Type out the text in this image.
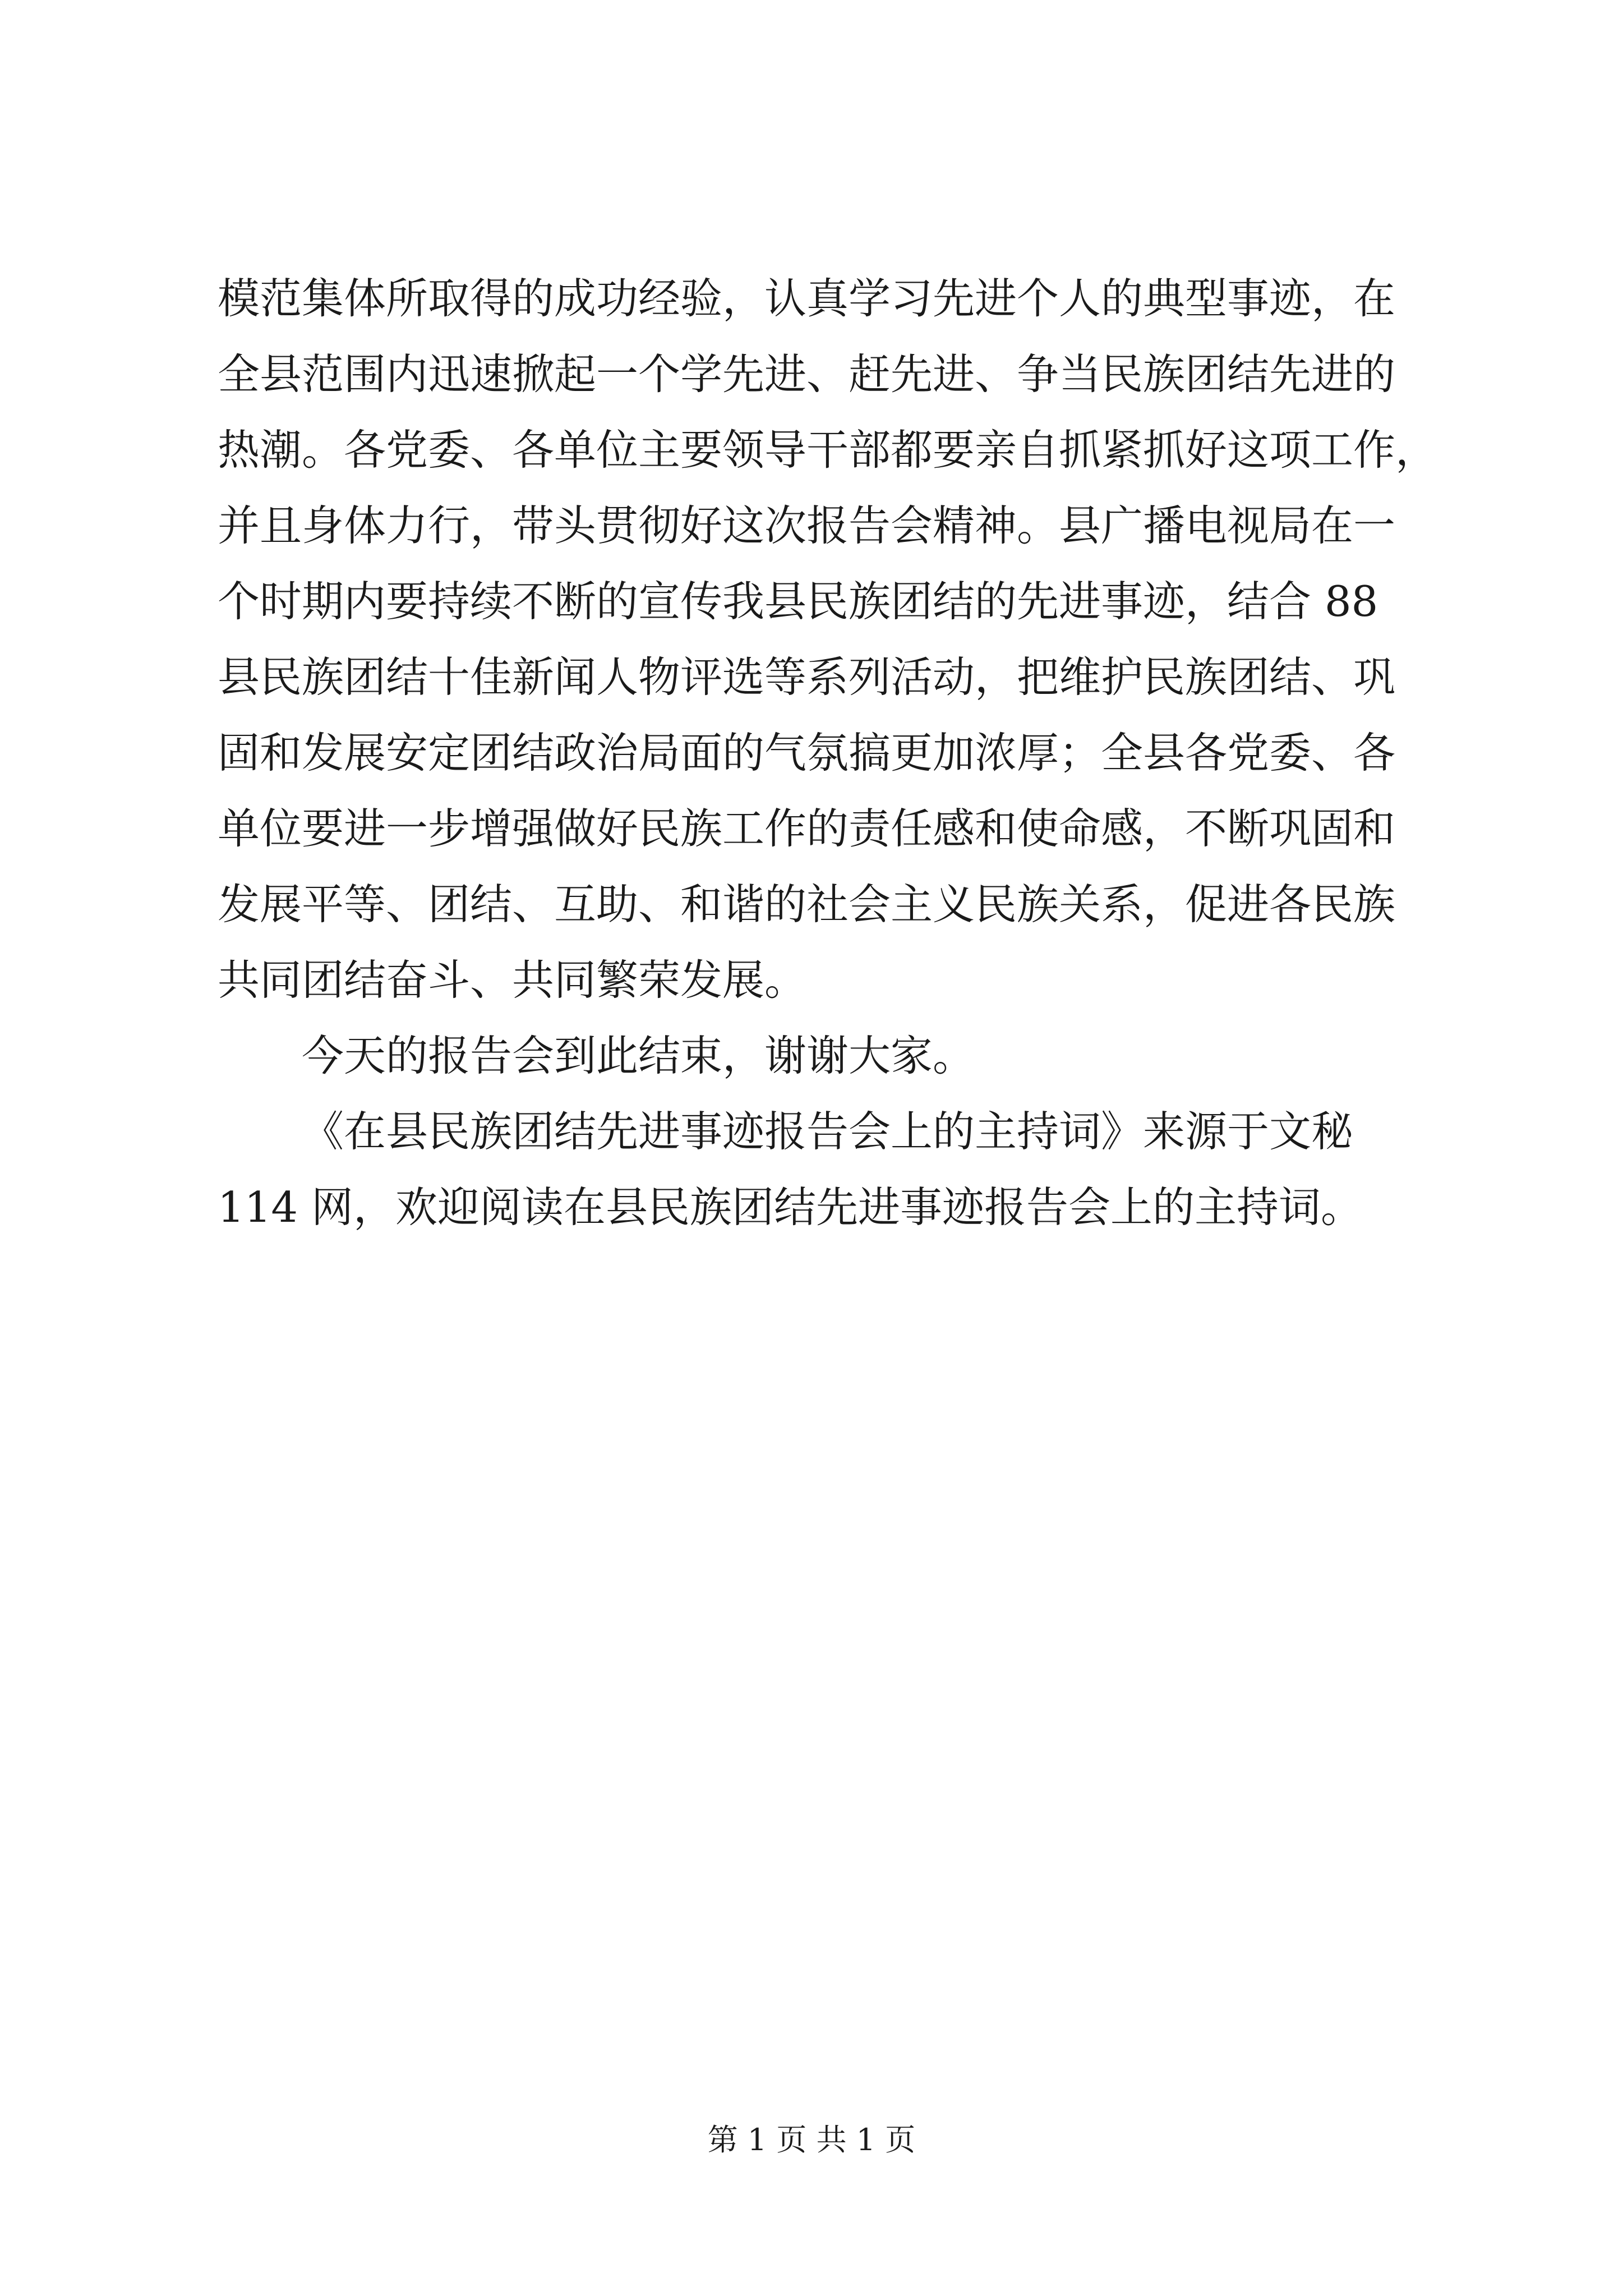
模范集体所取得的成功经验，认真学习先进个人的典型事迹，在
全县范围内迅速掀起一个学先进、赶先进、争当民族团结先进的
热潮。各党委、各单位主要领导干部都要亲自抓紧抓好这项工作，
并且身体力行，带头贯彻好这次报告会精神。县广播电视局在一
个时期内要持续不断的宣传我县民族团结的先进事迹，结合 88
县民族团结十佳新闻人物评选等系列活动，把维护民族团结、巩
固和发展安定团结政治局面的气氛搞更加浓厚；全县各党委、各
单位要进一步增强做好民族工作的责任感和使命感，不断巩固和
发展平等、团结、互助、和谐的社会主义民族关系，促进各民族
共同团结奋斗、共同繁荣发展。
今天的报告会到此结束，谢谢大家。
《在县民族团结先进事迹报告会上的主持词》来源于文秘
114 网，欢迎阅读在县民族团结先进事迹报告会上的主持词。
第 1 页 共 1 页
